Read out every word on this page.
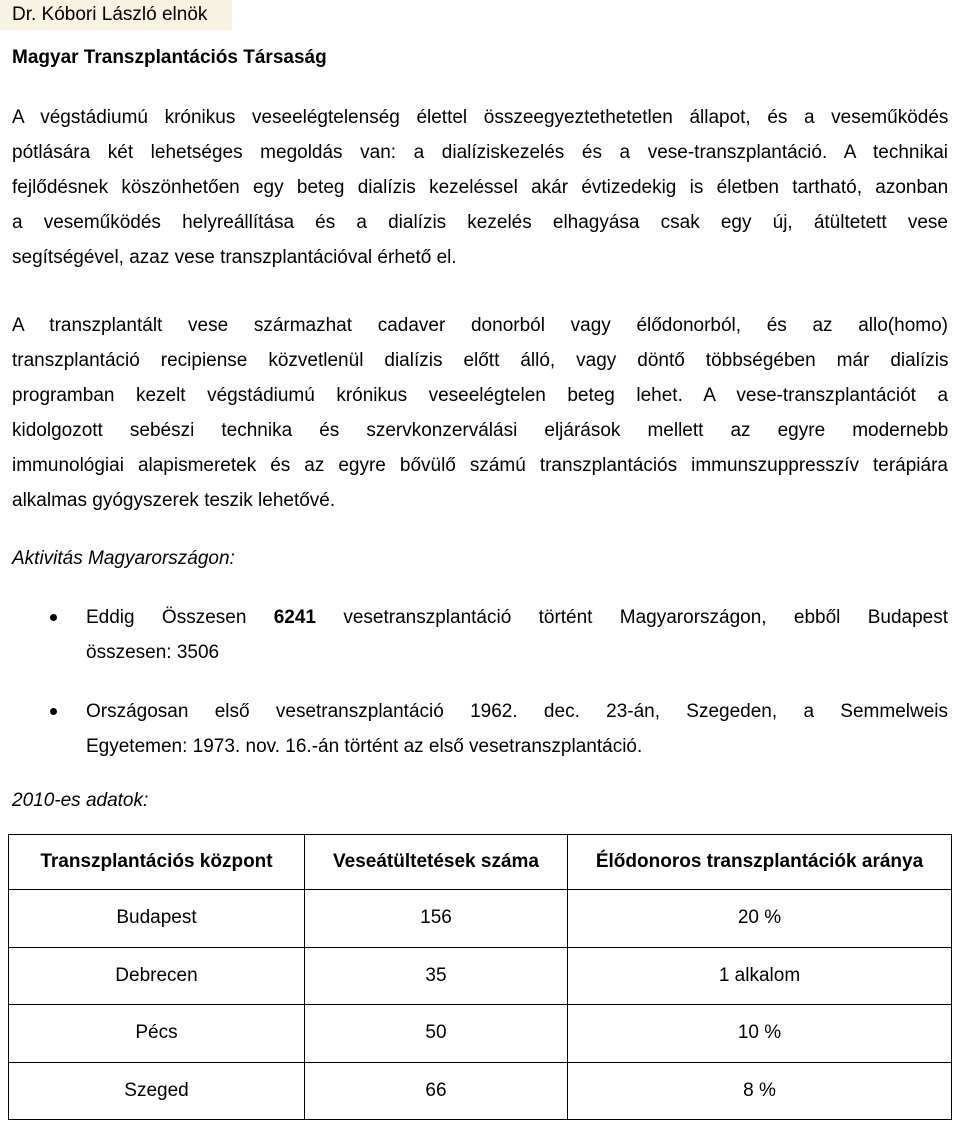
Dr. Kóbori László elnök
Magyar Transzplantációs Társaság
A végstádiumú krónikus veseelégtelenség élettel összeegyeztethetetlen állapot, és a veseműködés
pótlására két lehetséges megoldás van: a dialíziskezelés és a vese-transzplantáció. A technikai
fejlődésnek köszönhetően egy beteg dialízis kezeléssel akár évtizedekig is életben tartható, azonban
a veseműködés helyreállítása és a dialízis kezelés elhagyása csak egy új, átültetett vese
segítségével, azaz vese transzplantációval érhető el.
A transzplantált vese származhat cadaver donorból vagy élődonorból, és az allo(homo)
transzplantáció recipiense közvetlenül dialízis előtt álló, vagy döntő többségében már dialízis
programban kezelt végstádiumú krónikus veseelégtelen beteg lehet. A vese-transzplantációt a
kidolgozott sebészi technika és szervkonzerválási eljárások mellett az egyre modernebb
immunológiai alapismeretek és az egyre bővülő számú transzplantációs immunszuppresszív terápiára
alkalmas gyógyszerek teszik lehetővé.
Aktivitás Magyarországon:
Eddig Összesen 6241 vesetranszplantáció történt Magyarországon, ebből Budapest
összesen: 3506
Országosan első vesetranszplantáció 1962. dec. 23-án, Szegeden, a Semmelweis
Egyetemen: 1973. nov. 16.-án történt az első vesetranszplantáció.
2010-es adatok:
Transzplantációs központ	Veseátültetések száma	Élődonoros transzplantációk aránya
Budapest	156	20 %
Debrecen	35	1 alkalom
Pécs	50	10 %
Szeged	66	8 %
